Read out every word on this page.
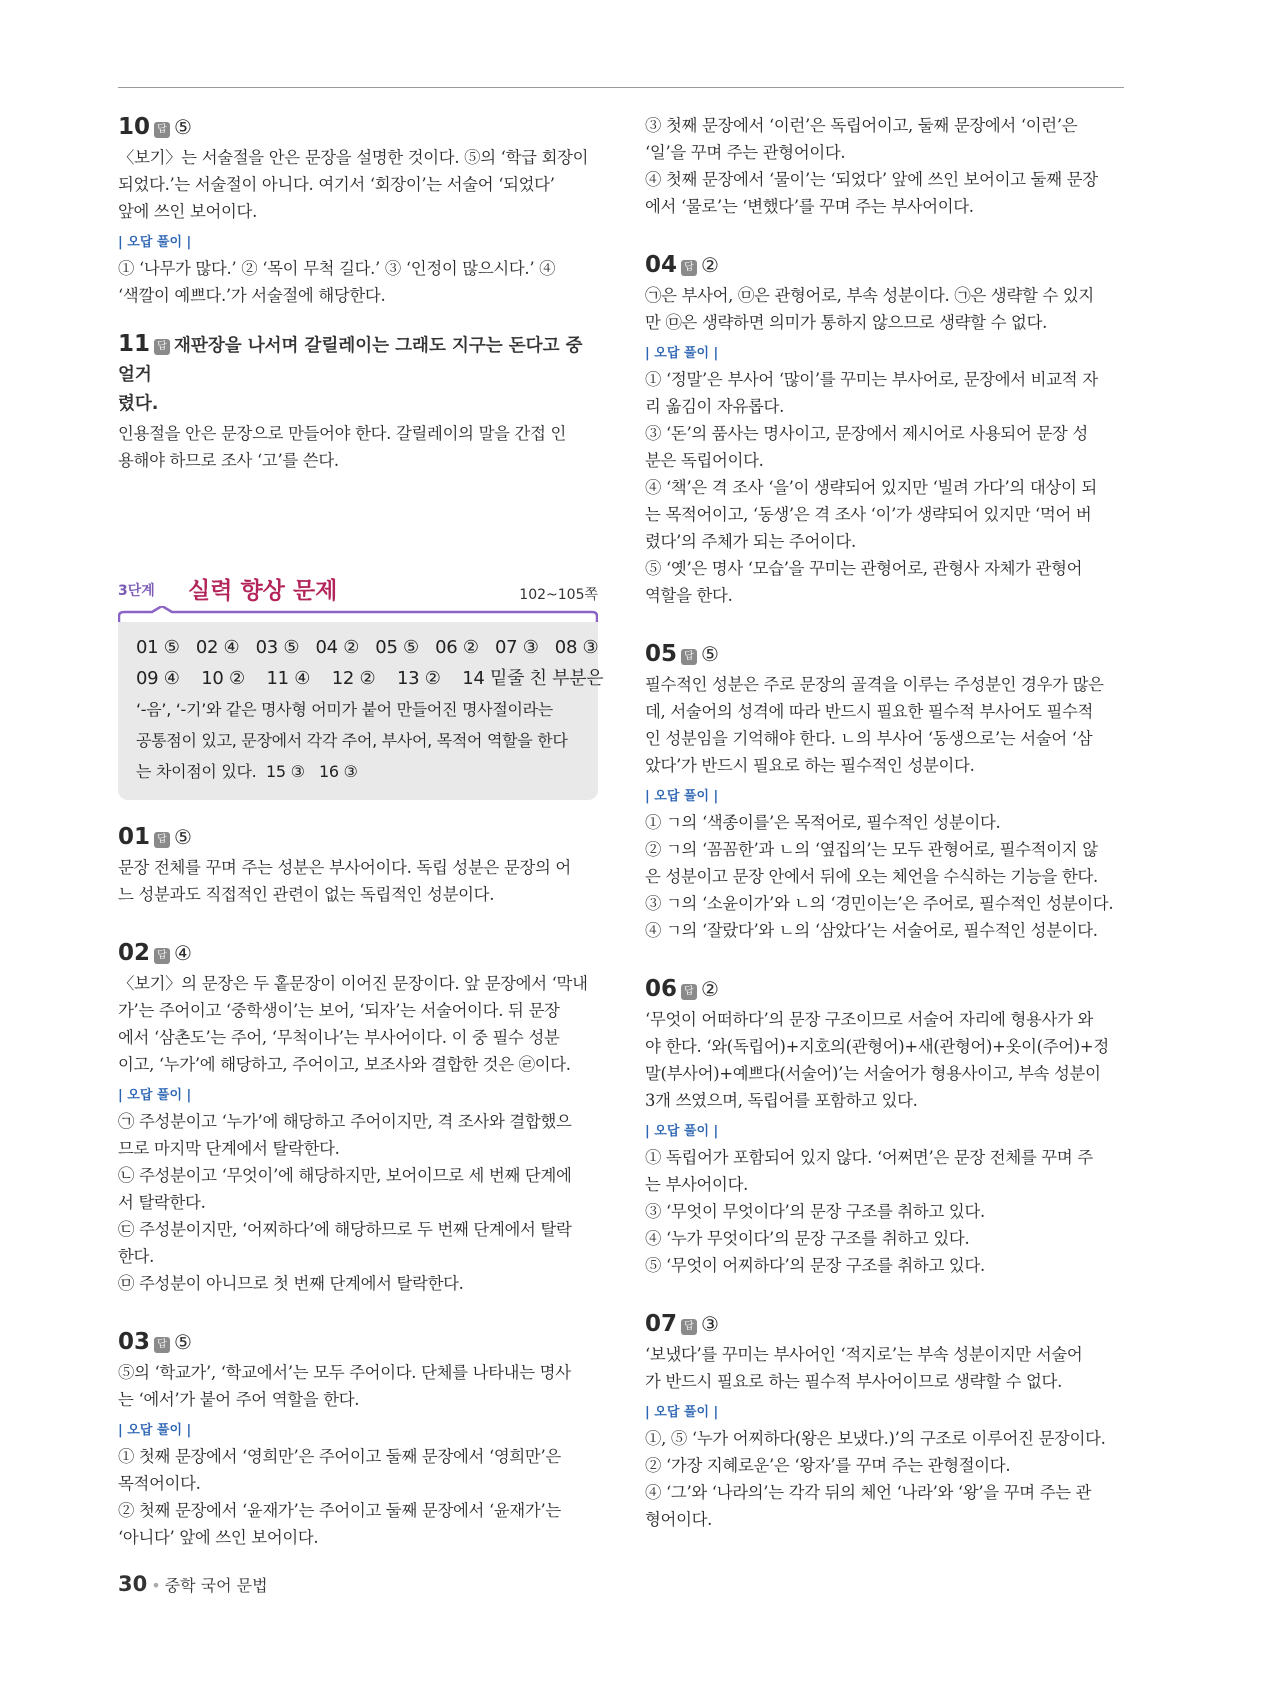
10 답 ⑤

〈보기〉는 서술절을 안은 문장을 설명한 것이다. ⑤의 ‘학급 회장이
되었다.’는 서술절이 아니다. 여기서 ‘회장이’는 서술어 ‘되었다’
앞에 쓰인 보어이다.

| 오답 풀이 |

① ‘나무가 많다.’ ② ‘목이 무척 길다.’ ③ ‘인정이 많으시다.’ ④
‘색깔이 예쁘다.’가 서술절에 해당한다.

11 답 재판장을 나서며 갈릴레이는 그래도 지구는 돈다고 중얼거
렸다.

인용절을 안은 문장으로 만들어야 한다. 갈릴레이의 말을 간접 인
용해야 하므로 조사 ‘고’를 쓴다.

3단계 실력 향상 문제	102~105쪽
01 ⑤   02 ④   03 ⑤   04 ②   05 ⑤   06 ②   07 ③   08 ③
09 ④    10 ②    11 ④    12 ②    13 ②    14 밑줄 친 부분은
‘-음’, ‘-기’와 같은 명사형 어미가 붙어 만들어진 명사절이라는
공통점이 있고, 문장에서 각각 주어, 부사어, 목적어 역할을 한다
는 차이점이 있다.  15 ③   16 ③
01 답 ⑤

문장 전체를 꾸며 주는 성분은 부사어이다. 독립 성분은 문장의 어
느 성분과도 직접적인 관련이 없는 독립적인 성분이다.

02 답 ④

〈보기〉의 문장은 두 홑문장이 이어진 문장이다. 앞 문장에서 ‘막내
가’는 주어이고 ‘중학생이’는 보어, ‘되자’는 서술어이다. 뒤 문장
에서 ‘삼촌도’는 주어, ‘무척이나’는 부사어이다. 이 중 필수 성분
이고, ‘누가’에 해당하고, 주어이고, 보조사와 결합한 것은 ㉣이다.

| 오답 풀이 |

㉠ 주성분이고 ‘누가’에 해당하고 주어이지만, 격 조사와 결합했으
므로 마지막 단계에서 탈락한다.
㉡ 주성분이고 ‘무엇이’에 해당하지만, 보어이므로 세 번째 단계에
서 탈락한다.
㉢ 주성분이지만, ‘어찌하다’에 해당하므로 두 번째 단계에서 탈락
한다.
㉤ 주성분이 아니므로 첫 번째 단계에서 탈락한다.

03 답 ⑤

⑤의 ‘학교가’, ‘학교에서’는 모두 주어이다. 단체를 나타내는 명사
는 ‘에서’가 붙어 주어 역할을 한다.

| 오답 풀이 |

① 첫째 문장에서 ‘영희만’은 주어이고 둘째 문장에서 ‘영희만’은
목적어이다.
② 첫째 문장에서 ‘윤재가’는 주어이고 둘째 문장에서 ‘윤재가’는
‘아니다’ 앞에 쓰인 보어이다.

③ 첫째 문장에서 ‘이런’은 독립어이고, 둘째 문장에서 ‘이런’은
‘일’을 꾸며 주는 관형어이다.
④ 첫째 문장에서 ‘물이’는 ‘되었다’ 앞에 쓰인 보어이고 둘째 문장
에서 ‘물로’는 ‘변했다’를 꾸며 주는 부사어이다.

04 답 ②

㉠은 부사어, ㉤은 관형어로, 부속 성분이다. ㉠은 생략할 수 있지
만 ㉤은 생략하면 의미가 통하지 않으므로 생략할 수 없다.

| 오답 풀이 |

① ‘정말’은 부사어 ‘많이’를 꾸미는 부사어로, 문장에서 비교적 자
리 옮김이 자유롭다.
③ ‘돈’의 품사는 명사이고, 문장에서 제시어로 사용되어 문장 성
분은 독립어이다.
④ ‘책’은 격 조사 ‘을’이 생략되어 있지만 ‘빌려 가다’의 대상이 되
는 목적어이고, ‘동생’은 격 조사 ‘이’가 생략되어 있지만 ‘먹어 버
렸다’의 주체가 되는 주어이다.
⑤ ‘옛’은 명사 ‘모습’을 꾸미는 관형어로, 관형사 자체가 관형어
역할을 한다.

05 답 ⑤

필수적인 성분은 주로 문장의 골격을 이루는 주성분인 경우가 많은
데, 서술어의 성격에 따라 반드시 필요한 필수적 부사어도 필수적
인 성분임을 기억해야 한다. ㄴ의 부사어 ‘동생으로’는 서술어 ‘삼
았다’가 반드시 필요로 하는 필수적인 성분이다.

| 오답 풀이 |

① ㄱ의 ‘색종이를’은 목적어로, 필수적인 성분이다.
② ㄱ의 ‘꼼꼼한’과 ㄴ의 ‘옆집의’는 모두 관형어로, 필수적이지 않
은 성분이고 문장 안에서 뒤에 오는 체언을 수식하는 기능을 한다.
③ ㄱ의 ‘소윤이가’와 ㄴ의 ‘경민이는’은 주어로, 필수적인 성분이다.
④ ㄱ의 ‘잘랐다’와 ㄴ의 ‘삼았다’는 서술어로, 필수적인 성분이다.

06 답 ②

‘무엇이 어떠하다’의 문장 구조이므로 서술어 자리에 형용사가 와
야 한다. ‘와(독립어)+지호의(관형어)+새(관형어)+옷이(주어)+정
말(부사어)+예쁘다(서술어)’는 서술어가 형용사이고, 부속 성분이
3개 쓰였으며, 독립어를 포함하고 있다.

| 오답 풀이 |

① 독립어가 포함되어 있지 않다. ‘어쩌면’은 문장 전체를 꾸며 주
는 부사어이다.
③ ‘무엇이 무엇이다’의 문장 구조를 취하고 있다.
④ ‘누가 무엇이다’의 문장 구조를 취하고 있다.
⑤ ‘무엇이 어찌하다’의 문장 구조를 취하고 있다.

07 답 ③

‘보냈다’를 꾸미는 부사어인 ‘적지로’는 부속 성분이지만 서술어
가 반드시 필요로 하는 필수적 부사어이므로 생략할 수 없다.

| 오답 풀이 |

①, ⑤ ‘누가 어찌하다(왕은 보냈다.)’의 구조로 이루어진 문장이다.
② ‘가장 지혜로운’은 ‘왕자’를 꾸며 주는 관형절이다.
④ ‘그’와 ‘나라의’는 각각 뒤의 체언 ‘나라’와 ‘왕’을 꾸며 주는 관
형어이다.

30 • 중학 국어 문법
